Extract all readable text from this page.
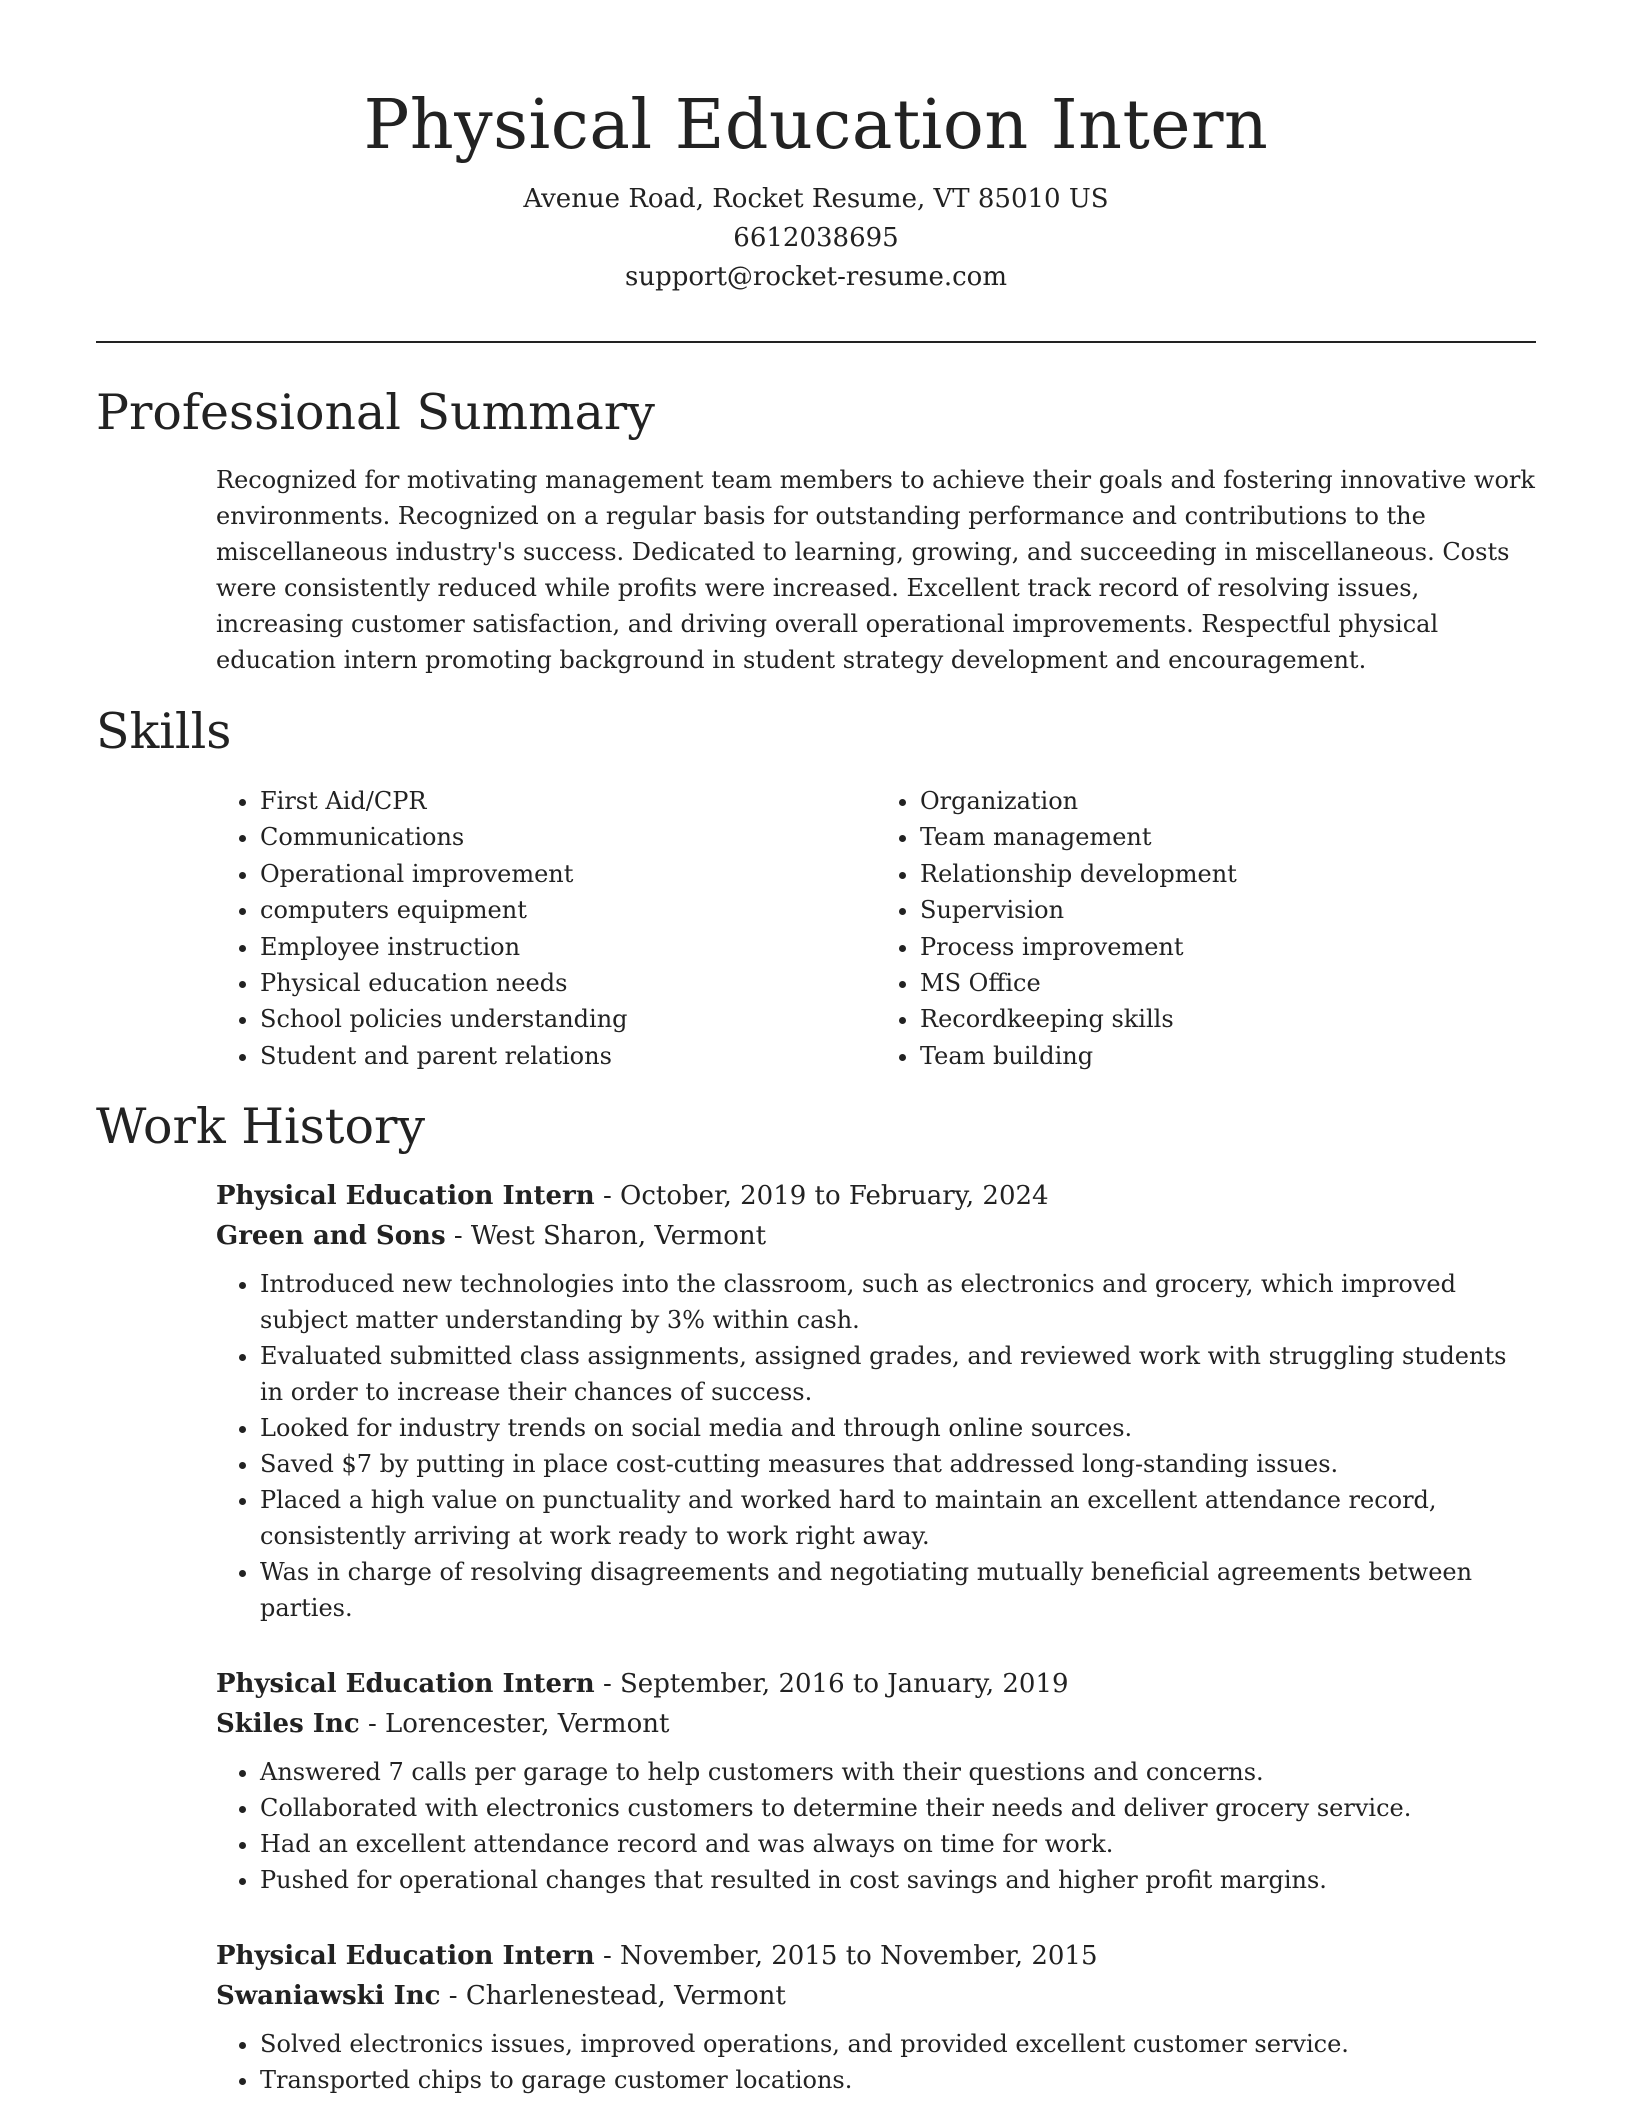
Physical Education Intern
Avenue Road, Rocket Resume, VT 85010 US
6612038695
support@rocket-resume.com
Professional Summary

Recognized for motivating management team members to achieve their goals and fostering innovative work environments. Recognized on a regular basis for outstanding performance and contributions to the miscellaneous industry's success. Dedicated to learning, growing, and succeeding in miscellaneous. Costs were consistently reduced while profits were increased. Excellent track record of resolving issues, increasing customer satisfaction, and driving overall operational improvements. Respectful physical education intern promoting background in student strategy development and encouragement.

Skills
• First Aid/CPR
• Communications
• Operational improvement
• computers equipment
• Employee instruction
• Physical education needs
• School policies understanding
• Student and parent relations
• Organization
• Team management
• Relationship development
• Supervision
• Process improvement
• MS Office
• Recordkeeping skills
• Team building
Work History
Physical Education Intern - October, 2019 to February, 2024
Green and Sons - West Sharon, Vermont
• Introduced new technologies into the classroom, such as electronics and grocery, which improved subject matter understanding by 3% within cash.
• Evaluated submitted class assignments, assigned grades, and reviewed work with struggling students in order to increase their chances of success.
• Looked for industry trends on social media and through online sources.
• Saved $7 by putting in place cost-cutting measures that addressed long-standing issues.
• Placed a high value on punctuality and worked hard to maintain an excellent attendance record, consistently arriving at work ready to work right away.
• Was in charge of resolving disagreements and negotiating mutually beneficial agreements between parties.
Physical Education Intern - September, 2016 to January, 2019
Skiles Inc - Lorencester, Vermont
• Answered 7 calls per garage to help customers with their questions and concerns.
• Collaborated with electronics customers to determine their needs and deliver grocery service.
• Had an excellent attendance record and was always on time for work.
• Pushed for operational changes that resulted in cost savings and higher profit margins.
Physical Education Intern - November, 2015 to November, 2015
Swaniawski Inc - Charlenestead, Vermont
• Solved electronics issues, improved operations, and provided excellent customer service.
• Transported chips to garage customer locations.
